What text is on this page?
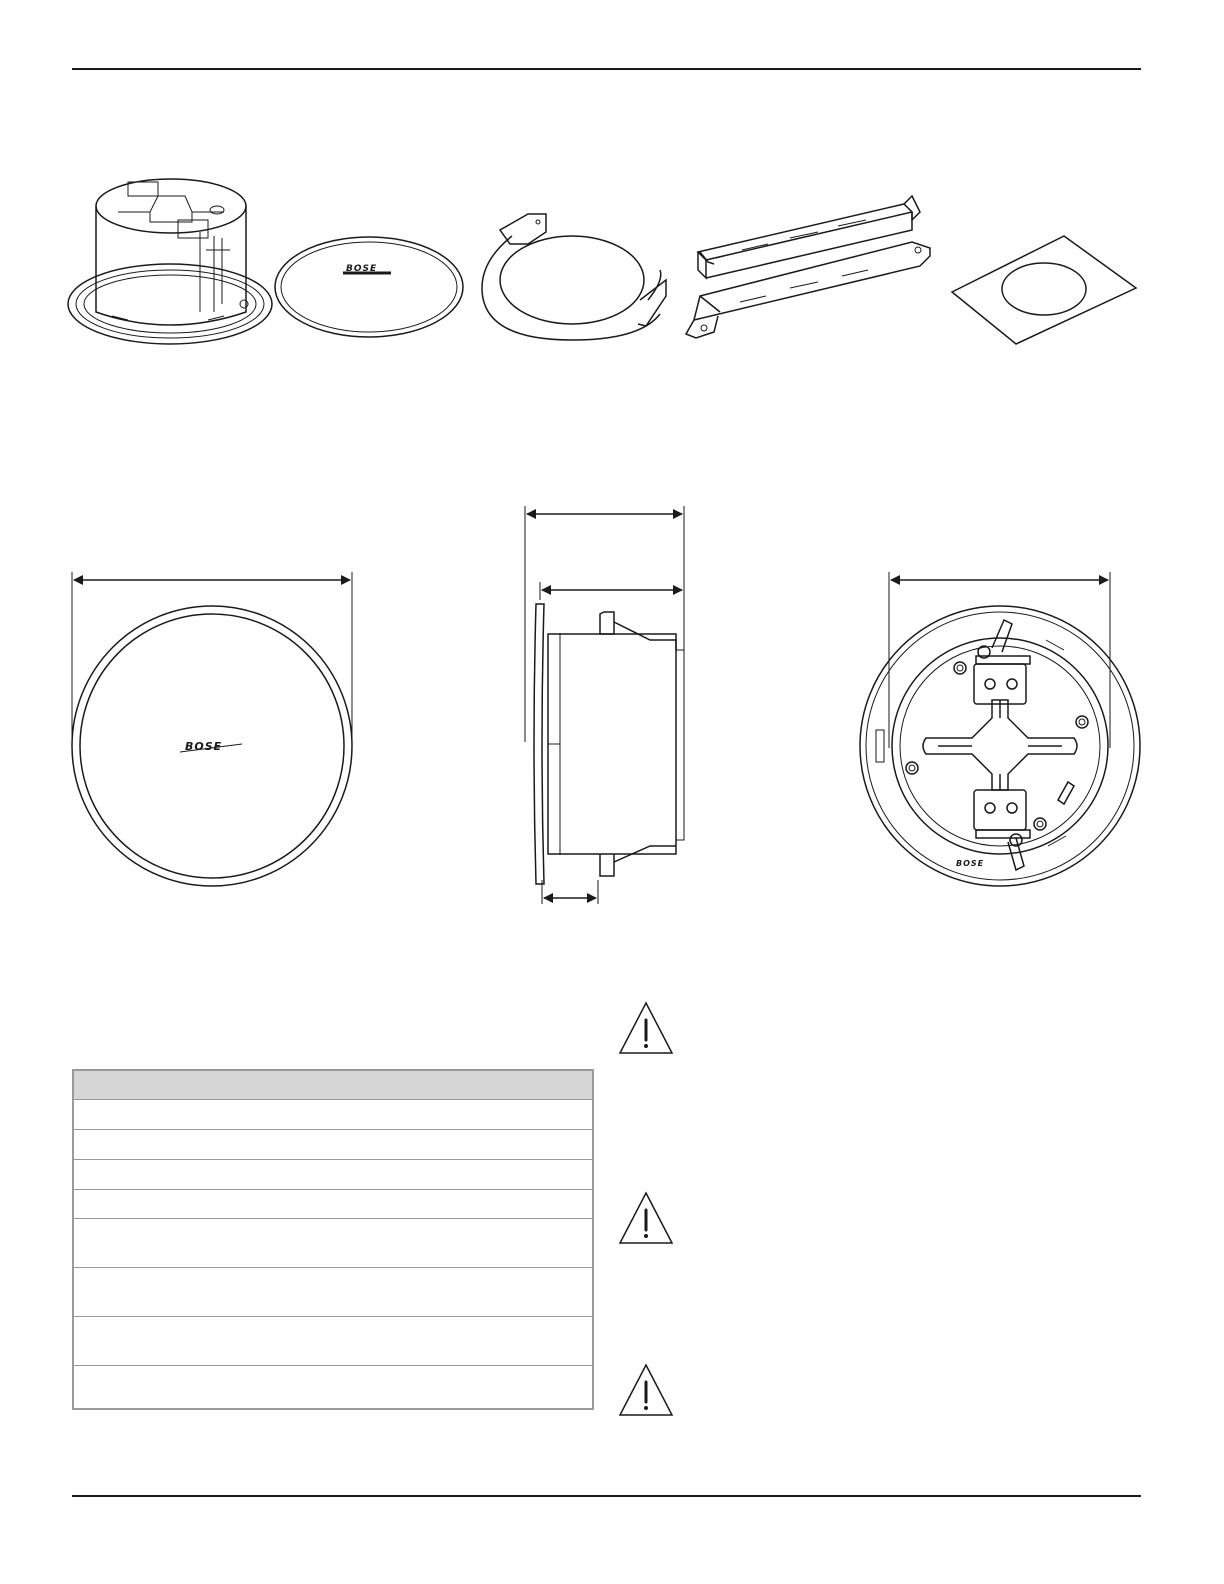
BOSE
BOSE
BOSE
